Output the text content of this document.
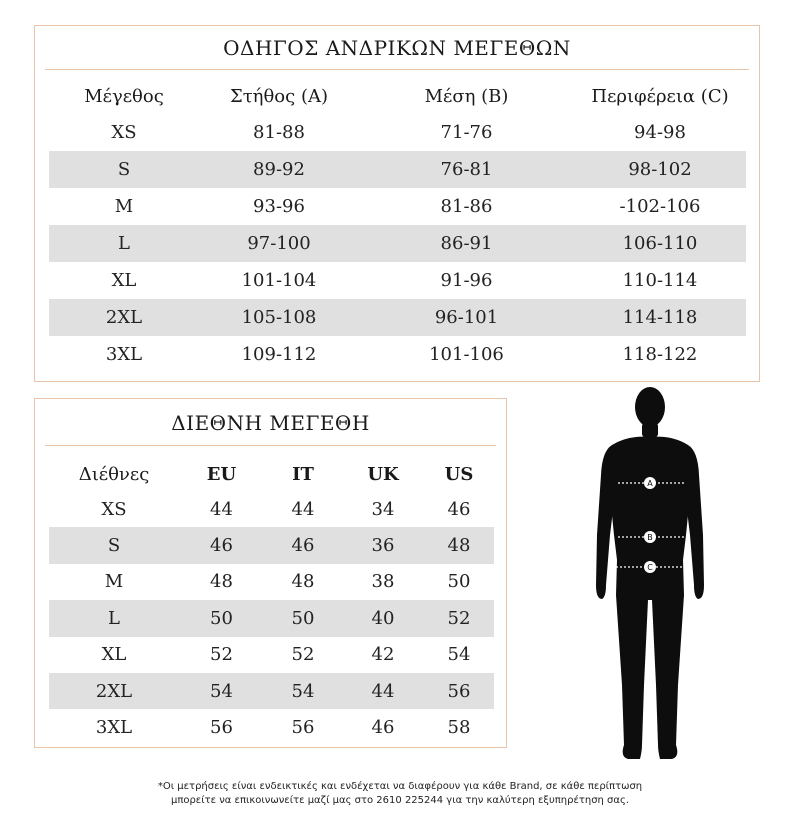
ΟΔΗΓΟΣ ΑΝΔΡΙΚΩΝ ΜΕΓΕΘΩΝ
Μέγεθος	Στήθος (A)	Μέση (B)	Περιφέρεια (C)
XS	81-88	71-76	94-98
S	89-92	76-81	98-102
M	93-96	81-86	-102-106
L	97-100	86-91	106-110
XL	101-104	91-96	110-114
2XL	105-108	96-101	114-118
3XL	109-112	101-106	118-122
ΔΙΕΘΝΗ ΜΕΓΕΘΗ
Διέθνες	EU	IT	UK	US
XS	44	44	34	46
S	46	46	36	48
M	48	48	38	50
L	50	50	40	52
XL	52	52	42	54
2XL	54	54	44	56
3XL	56	56	46	58
A
B
C
*Οι μετρήσεις είναι ενδεικτικές και ενδέχεται να διαφέρουν για κάθε Brand, σε κάθε περίπτωση
μπορείτε να επικοινωνείτε μαζί μας στο 2610 225244 για την καλύτερη εξυπηρέτηση σας.
